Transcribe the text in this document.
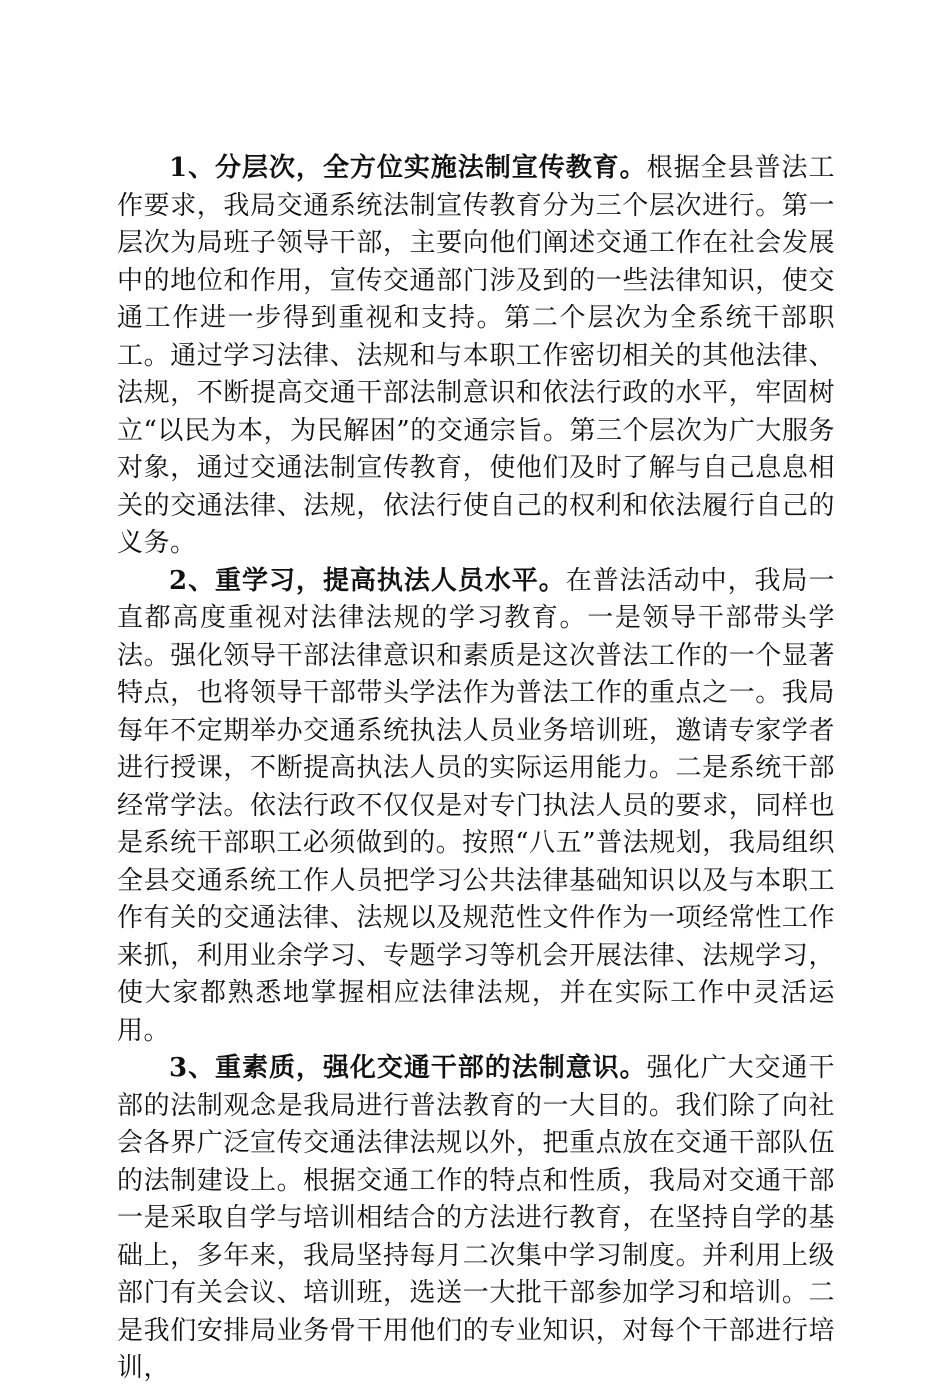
1、分层次，全方位实施法制宣传教育。根据全县普法工作要求，我局交通系统法制宣传教育分为三个层次进行。第一层次为局班子领导干部，主要向他们阐述交通工作在社会发展中的地位和作用，宣传交通部门涉及到的一些法律知识，使交通工作进一步得到重视和支持。第二个层次为全系统干部职工。通过学习法律、法规和与本职工作密切相关的其他法律、法规，不断提高交通干部法制意识和依法行政的水平，牢固树立“以民为本，为民解困”的交通宗旨。第三个层次为广大服务对象，通过交通法制宣传教育，使他们及时了解与自己息息相关的交通法律、法规，依法行使自己的权利和依法履行自己的义务。

2、重学习，提高执法人员水平。在普法活动中，我局一直都高度重视对法律法规的学习教育。一是领导干部带头学法。强化领导干部法律意识和素质是这次普法工作的一个显著特点，也将领导干部带头学法作为普法工作的重点之一。我局每年不定期举办交通系统执法人员业务培训班，邀请专家学者进行授课，不断提高执法人员的实际运用能力。二是系统干部经常学法。依法行政不仅仅是对专门执法人员的要求，同样也是系统干部职工必须做到的。按照“八五”普法规划，我局组织全县交通系统工作人员把学习公共法律基础知识以及与本职工作有关的交通法律、法规以及规范性文件作为一项经常性工作来抓，利用业余学习、专题学习等机会开展法律、法规学习，使大家都熟悉地掌握相应法律法规，并在实际工作中灵活运用。

3、重素质，强化交通干部的法制意识。强化广大交通干部的法制观念是我局进行普法教育的一大目的。我们除了向社会各界广泛宣传交通法律法规以外，把重点放在交通干部队伍的法制建设上。根据交通工作的特点和性质，我局对交通干部一是采取自学与培训相结合的方法进行教育，在坚持自学的基础上，多年来，我局坚持每月二次集中学习制度。并利用上级部门有关会议、培训班，选送一大批干部参加学习和培训。二是我们安排局业务骨干用他们的专业知识，对每个干部进行培训，
